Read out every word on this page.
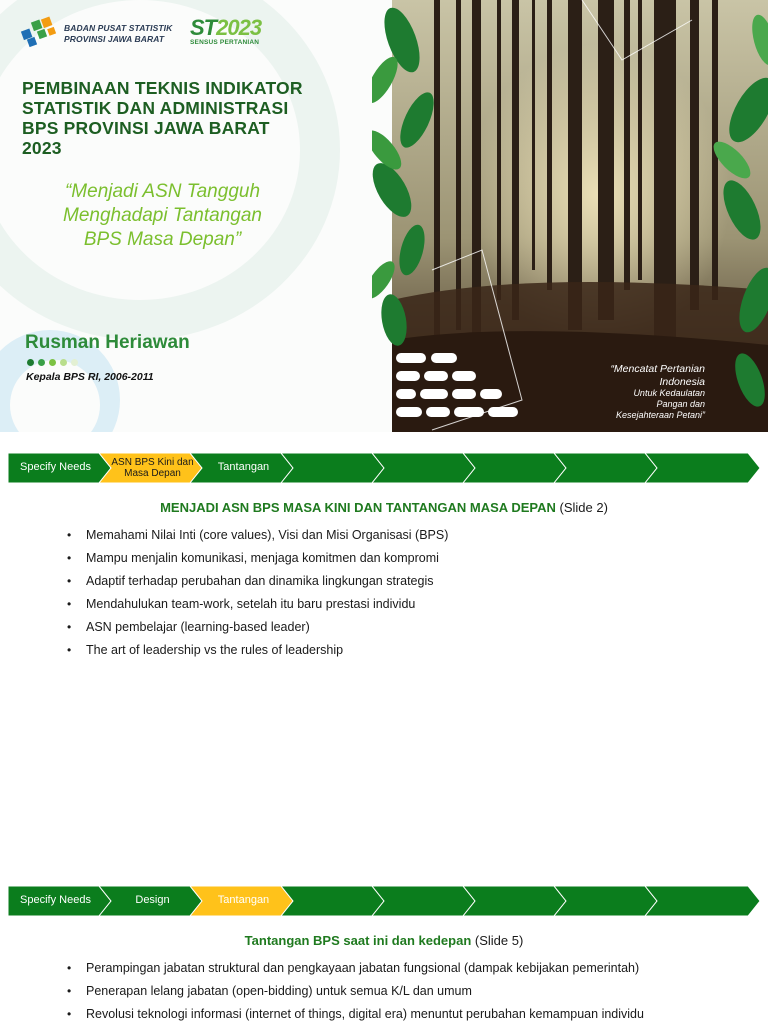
BADAN PUSAT STATISTIK
PROVINSI JAWA BARAT	ST2023
SENSUS PERTANIAN
PEMBINAAN TEKNIS INDIKATOR
STATISTIK DAN ADMINISTRASI
BPS PROVINSI JAWA BARAT
2023
“Menjadi ASN Tangguh
Menghadapi Tantangan
BPS Masa Depan”
Rusman Heriawan
Kepala BPS RI, 2006-2011
“Mencatat Pertanian
Indonesia
Untuk Kedaulatan
Pangan dan
Kesejahteraan Petani”
Specify Needs	ASN BPS Kini dan Masa Depan
Tantangan
MENJADI ASN BPS MASA KINI DAN TANTANGAN MASA DEPAN (Slide 2)
• Memahami Nilai Inti (core values), Visi dan Misi Organisasi (BPS)
• Mampu menjalin komunikasi, menjaga komitmen dan kompromi
• Adaptif terhadap perubahan dan dinamika lingkungan strategis
• Mendahulukan team-work, setelah itu baru prestasi individu
• ASN pembelajar (learning-based leader)
• The art of leadership vs the rules of leadership
Specify Needs	Design	Tantangan
Tantangan BPS saat ini dan kedepan (Slide 5)
• Perampingan jabatan struktural dan pengkayaan jabatan fungsional (dampak kebijakan pemerintah)
• Penerapan lelang jabatan (open-bidding) untuk semua K/L dan umum
• Revolusi teknologi informasi (internet of things, digital era) menuntut perubahan kemampuan individu
